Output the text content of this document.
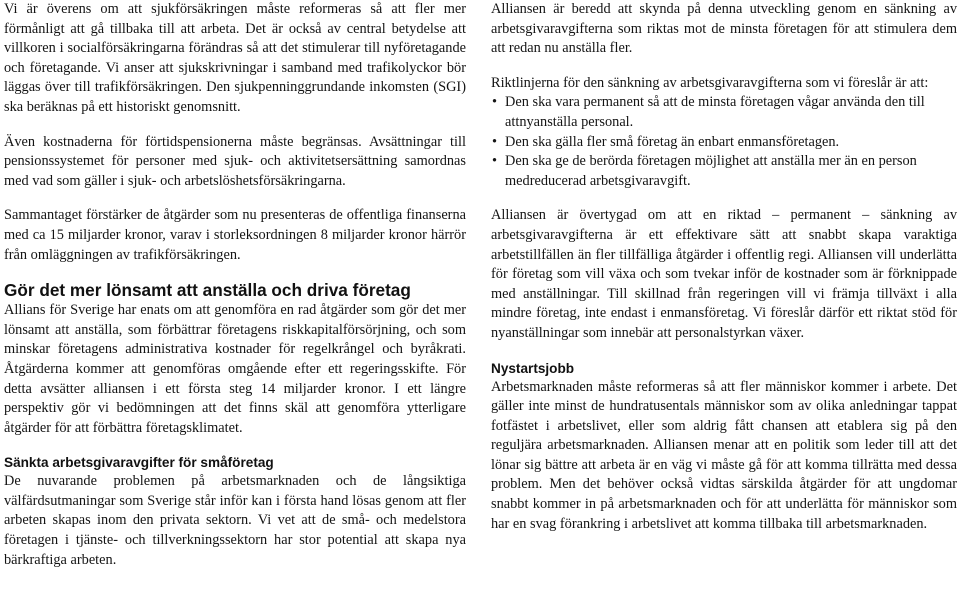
Vi är överens om att sjukförsäkringen måste reformeras så att fler mer förmånligt att gå tillbaka till att arbeta. Det är också av central betydelse att villkoren i socialförsäkringarna förändras så att det stimulerar till nyföretagande och företagande. Vi anser att sjukskrivningar i samband med trafikolyckor bör läggas över till trafikförsäkringen. Den sjukpenninggrundande inkomsten (SGI) ska beräknas på ett historiskt genomsnitt.

Även kostnaderna för förtidspensionerna måste begränsas. Avsättningar till pensionssystemet för personer med sjuk- och aktivitetsersättning samordnas med vad som gäller i sjuk- och arbetslöshetsförsäkringarna.

Sammantaget förstärker de åtgärder som nu presenteras de offentliga finanserna med ca 15 miljarder kronor, varav i storleksordningen 8 miljarder kronor härrör från omläggningen av trafikförsäkringen.

Gör det mer lönsamt att anställa och driva företag

Allians för Sverige har enats om att genomföra en rad åtgärder som gör det mer lönsamt att anställa, som förbättrar företagens riskkapitalförsörjning, och som minskar företagens administrativa kostnader för regelkrångel och byråkrati. Åtgärderna kommer att genomföras omgående efter ett regeringsskifte. För detta avsätter alliansen i ett första steg 14 miljarder kronor. I ett längre perspektiv gör vi bedömningen att det finns skäl att genomföra ytterligare åtgärder för att förbättra företagsklimatet.

Sänkta arbetsgivaravgifter för småföretag

De nuvarande problemen på arbetsmarknaden och de långsiktiga välfärdsutmaningar som Sverige står inför kan i första hand lösas genom att fler arbeten skapas inom den privata sektorn. Vi vet att de små- och medelstora företagen i tjänste- och tillverkningssektorn har stor potential att skapa nya bärkraftiga arbeten.

Alliansen är beredd att skynda på denna utveckling genom en sänkning av arbetsgivaravgifterna som riktas mot de minsta företagen för att stimulera dem att redan nu anställa fler.

Riktlinjerna för den sänkning av arbetsgivaravgifterna som vi föreslår är att:

• Den ska vara permanent så att de minsta företagen vågar använda den till attnyanställa personal.
• Den ska gälla fler små företag än enbart enmansföretagen.
• Den ska ge de berörda företagen möjlighet att anställa mer än en person medreducerad arbetsgivaravgift.

Alliansen är övertygad om att en riktad – permanent – sänkning av arbetsgivaravgifterna är ett effektivare sätt att snabbt skapa varaktiga arbetstillfällen än fler tillfälliga åtgärder i offentlig regi. Alliansen vill underlätta för företag som vill växa och som tvekar inför de kostnader som är förknippade med anställningar. Till skillnad från regeringen vill vi främja tillväxt i alla mindre företag, inte endast i enmansföretag. Vi föreslår därför ett riktat stöd för nyanställningar som innebär att personalstyrkan växer.

Nystartsjobb

Arbetsmarknaden måste reformeras så att fler människor kommer i arbete. Det gäller inte minst de hundratusentals människor som av olika anledningar tappat fotfästet i arbetslivet, eller som aldrig fått chansen att etablera sig på den reguljära arbetsmarknaden. Alliansen menar att en politik som leder till att det lönar sig bättre att arbeta är en väg vi måste gå för att komma tillrätta med dessa problem. Men det behöver också vidtas särskilda åtgärder för att ungdomar snabbt kommer in på arbetsmarknaden och för att underlätta för människor som har en svag förankring i arbetslivet att komma tillbaka till arbetsmarknaden.
